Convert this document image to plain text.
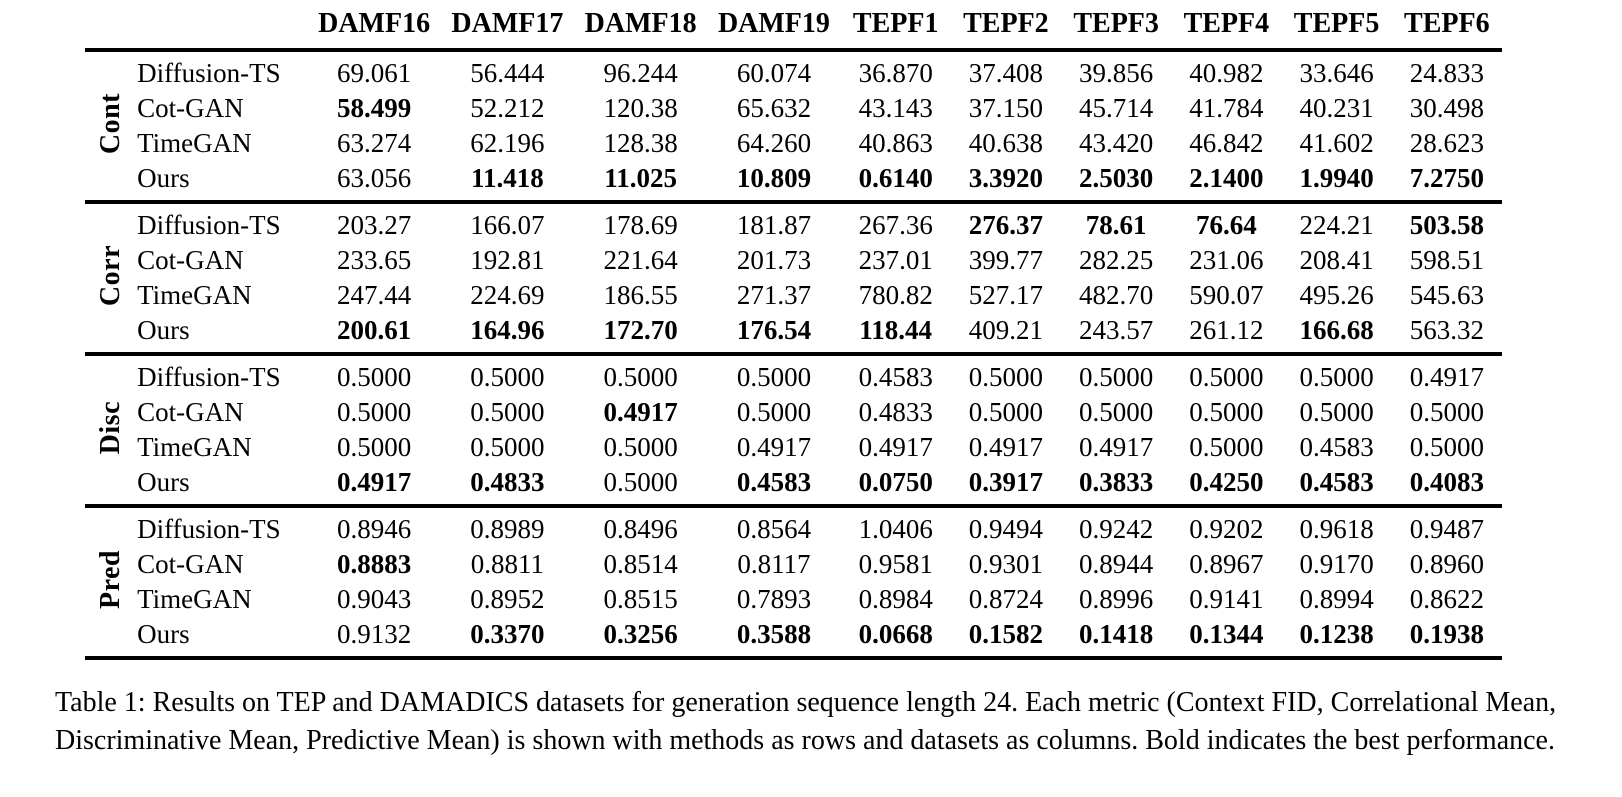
		DAMF16	DAMF17	DAMF18	DAMF19	TEPF1	TEPF2	TEPF3	TEPF4	TEPF5	TEPF6
Cont	Diffusion-TS	69.061	56.444	96.244	60.074	36.870	37.408	39.856	40.982	33.646	24.833
	Cot-GAN	58.499	52.212	120.38	65.632	43.143	37.150	45.714	41.784	40.231	30.498
	TimeGAN	63.274	62.196	128.38	64.260	40.863	40.638	43.420	46.842	41.602	28.623
	Ours	63.056	11.418	11.025	10.809	0.6140	3.3920	2.5030	2.1400	1.9940	7.2750
Corr	Diffusion-TS	203.27	166.07	178.69	181.87	267.36	276.37	78.61	76.64	224.21	503.58
	Cot-GAN	233.65	192.81	221.64	201.73	237.01	399.77	282.25	231.06	208.41	598.51
	TimeGAN	247.44	224.69	186.55	271.37	780.82	527.17	482.70	590.07	495.26	545.63
	Ours	200.61	164.96	172.70	176.54	118.44	409.21	243.57	261.12	166.68	563.32
Disc	Diffusion-TS	0.5000	0.5000	0.5000	0.5000	0.4583	0.5000	0.5000	0.5000	0.5000	0.4917
	Cot-GAN	0.5000	0.5000	0.4917	0.5000	0.4833	0.5000	0.5000	0.5000	0.5000	0.5000
	TimeGAN	0.5000	0.5000	0.5000	0.4917	0.4917	0.4917	0.4917	0.5000	0.4583	0.5000
	Ours	0.4917	0.4833	0.5000	0.4583	0.0750	0.3917	0.3833	0.4250	0.4583	0.4083
Pred	Diffusion-TS	0.8946	0.8989	0.8496	0.8564	1.0406	0.9494	0.9242	0.9202	0.9618	0.9487
	Cot-GAN	0.8883	0.8811	0.8514	0.8117	0.9581	0.9301	0.8944	0.8967	0.9170	0.8960
	TimeGAN	0.9043	0.8952	0.8515	0.7893	0.8984	0.8724	0.8996	0.9141	0.8994	0.8622
	Ours	0.9132	0.3370	0.3256	0.3588	0.0668	0.1582	0.1418	0.1344	0.1238	0.1938
Table 1: Results on TEP and DAMADICS datasets for generation sequence length 24. Each metric (Context FID, Correlational Mean, Discriminative Mean, Predictive Mean) is shown with methods as rows and datasets as columns. Bold indicates the best performance.
